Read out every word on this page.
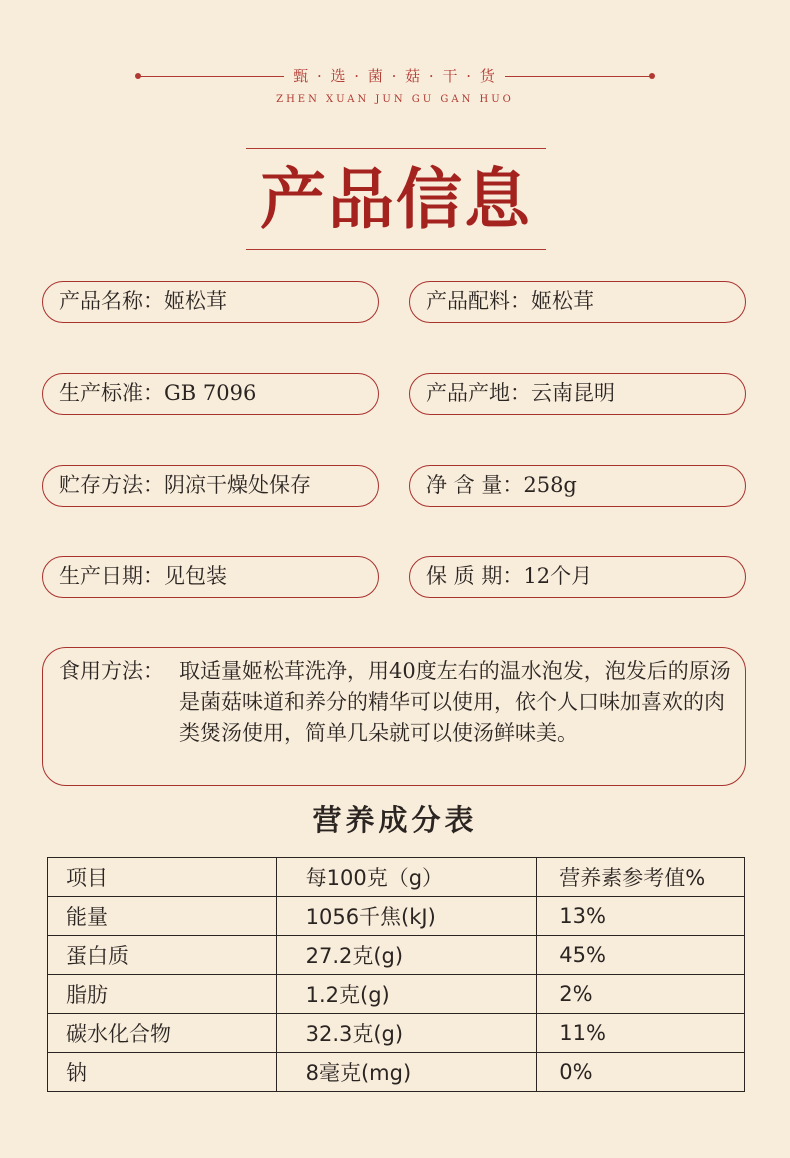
甄 · 选 · 菌 · 菇 · 干 · 货
ZHEN XUAN JUN GU GAN HUO
产品信息
产品名称：姬松茸	产品配料：姬松茸
生产标准：GB 7096	产品产地：云南昆明
贮存方法：阴凉干燥处保存	净 含 量：258g
生产日期：见包装	保 质 期：12个月
食用方法： 取适量姬松茸洗净，用40度左右的温水泡发，泡发后的原汤是菌菇味道和养分的精华可以使用，依个人口味加喜欢的肉类煲汤使用，简单几朵就可以使汤鲜味美。
营养成分表
项目	每100克（g）	营养素参考值%
能量	1056千焦(kJ)	13%
蛋白质	27.2克(g)	45%
脂肪	1.2克(g)	2%
碳水化合物	32.3克(g)	11%
钠	8毫克(mg)	0%
